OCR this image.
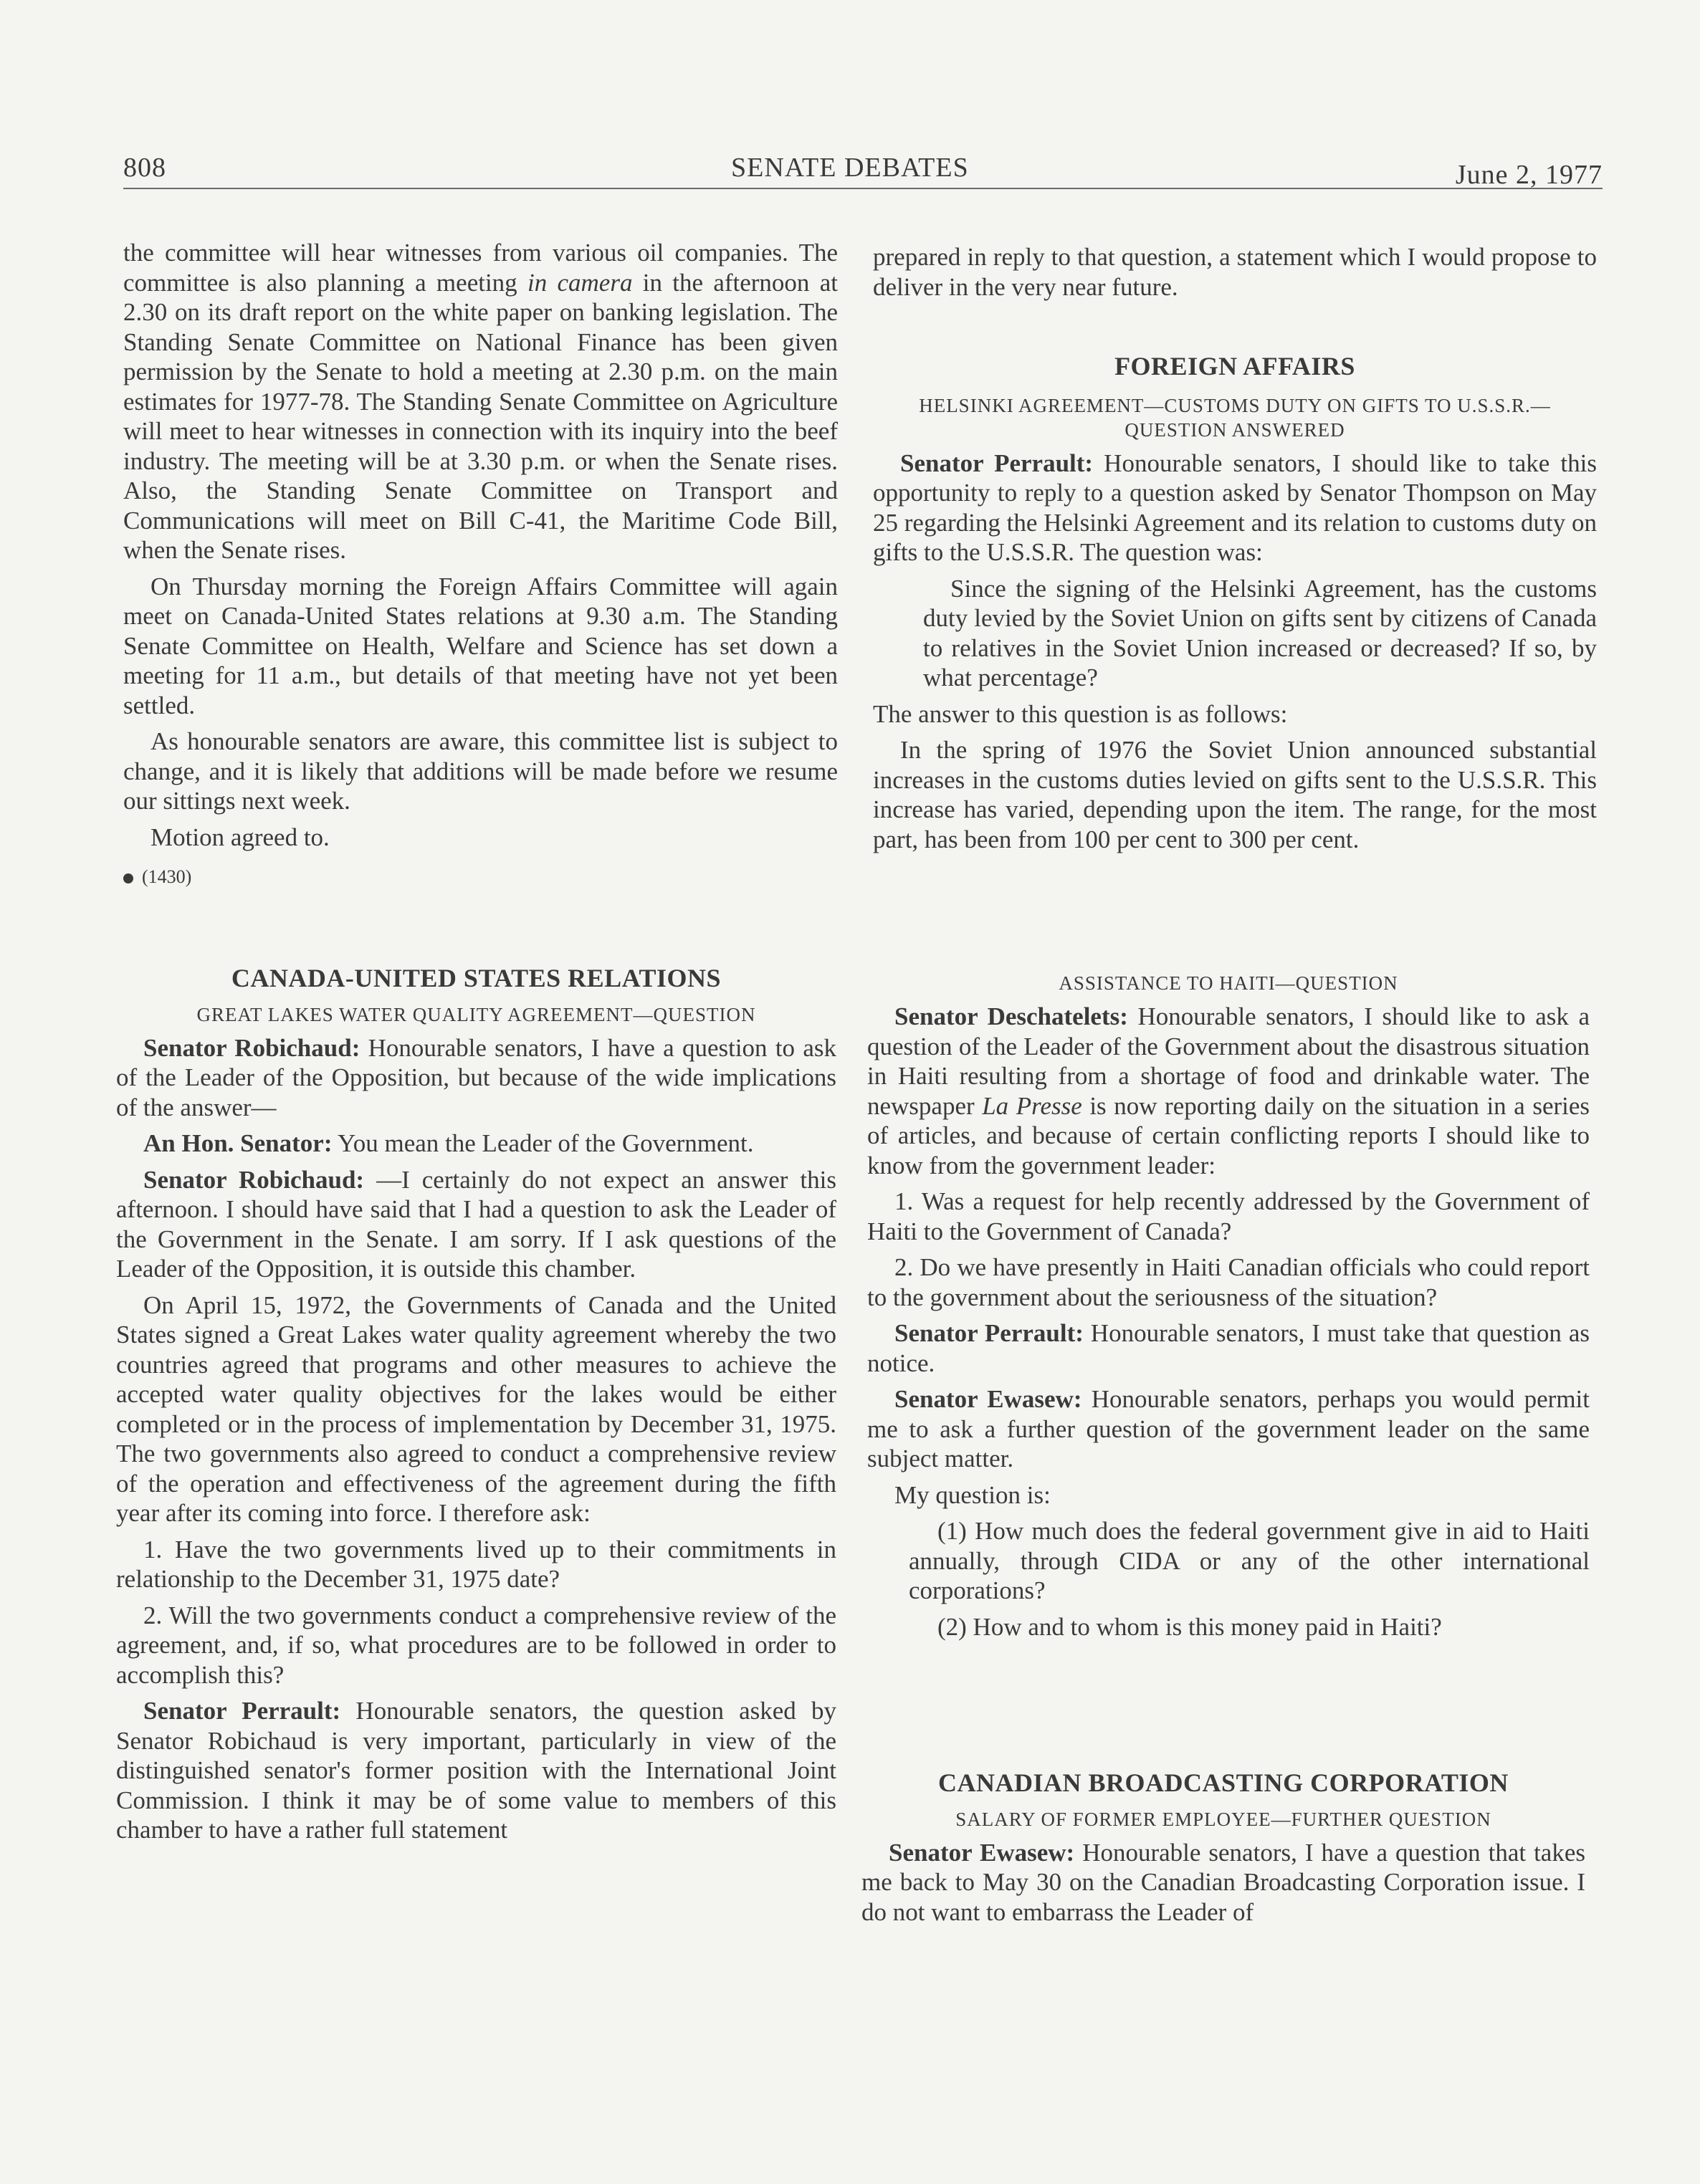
808	SENATE DEBATES	June 2, 1977

the committee will hear witnesses from various oil companies. The committee is also planning a meeting in camera in the afternoon at 2.30 on its draft report on the white paper on banking legislation. The Standing Senate Committee on National Finance has been given permission by the Senate to hold a meeting at 2.30 p.m. on the main estimates for 1977-78. The Standing Senate Committee on Agriculture will meet to hear witnesses in connection with its inquiry into the beef industry. The meeting will be at 3.30 p.m. or when the Senate rises. Also, the Standing Senate Committee on Transport and Communications will meet on Bill C-41, the Maritime Code Bill, when the Senate rises.

On Thursday morning the Foreign Affairs Committee will again meet on Canada-United States relations at 9.30 a.m. The Standing Senate Committee on Health, Welfare and Science has set down a meeting for 11 a.m., but details of that meeting have not yet been settled.

As honourable senators are aware, this committee list is subject to change, and it is likely that additions will be made before we resume our sittings next week.

Motion agreed to.

(1430)

prepared in reply to that question, a statement which I would propose to deliver in the very near future.

FOREIGN AFFAIRS

HELSINKI AGREEMENT—CUSTOMS DUTY ON GIFTS TO U.S.S.R.—

QUESTION ANSWERED

Senator Perrault: Honourable senators, I should like to take this opportunity to reply to a question asked by Senator Thompson on May 25 regarding the Helsinki Agreement and its relation to customs duty on gifts to the U.S.S.R. The question was:

Since the signing of the Helsinki Agreement, has the customs duty levied by the Soviet Union on gifts sent by citizens of Canada to relatives in the Soviet Union increased or decreased? If so, by what percentage?

The answer to this question is as follows:

In the spring of 1976 the Soviet Union announced substantial increases in the customs duties levied on gifts sent to the U.S.S.R. This increase has varied, depending upon the item. The range, for the most part, has been from 100 per cent to 300 per cent.

CANADA-UNITED STATES RELATIONS

GREAT LAKES WATER QUALITY AGREEMENT—QUESTION

Senator Robichaud: Honourable senators, I have a question to ask of the Leader of the Opposition, but because of the wide implications of the answer—

An Hon. Senator: You mean the Leader of the Government.

Senator Robichaud: —I certainly do not expect an answer this afternoon. I should have said that I had a question to ask the Leader of the Government in the Senate. I am sorry. If I ask questions of the Leader of the Opposition, it is outside this chamber.

On April 15, 1972, the Governments of Canada and the United States signed a Great Lakes water quality agreement whereby the two countries agreed that programs and other measures to achieve the accepted water quality objectives for the lakes would be either completed or in the process of implementation by December 31, 1975. The two governments also agreed to conduct a comprehensive review of the operation and effectiveness of the agreement during the fifth year after its coming into force. I therefore ask:

1. Have the two governments lived up to their commitments in relationship to the December 31, 1975 date?

2. Will the two governments conduct a comprehensive review of the agreement, and, if so, what procedures are to be followed in order to accomplish this?

Senator Perrault: Honourable senators, the question asked by Senator Robichaud is very important, particularly in view of the distinguished senator's former position with the International Joint Commission. I think it may be of some value to members of this chamber to have a rather full statement

ASSISTANCE TO HAITI—QUESTION

Senator Deschatelets: Honourable senators, I should like to ask a question of the Leader of the Government about the disastrous situation in Haiti resulting from a shortage of food and drinkable water. The newspaper La Presse is now reporting daily on the situation in a series of articles, and because of certain conflicting reports I should like to know from the government leader:

1. Was a request for help recently addressed by the Government of Haiti to the Government of Canada?

2. Do we have presently in Haiti Canadian officials who could report to the government about the seriousness of the situation?

Senator Perrault: Honourable senators, I must take that question as notice.

Senator Ewasew: Honourable senators, perhaps you would permit me to ask a further question of the government leader on the same subject matter.

My question is:

(1) How much does the federal government give in aid to Haiti annually, through CIDA or any of the other international corporations?

(2) How and to whom is this money paid in Haiti?

CANADIAN BROADCASTING CORPORATION

SALARY OF FORMER EMPLOYEE—FURTHER QUESTION

Senator Ewasew: Honourable senators, I have a question that takes me back to May 30 on the Canadian Broadcasting Corporation issue. I do not want to embarrass the Leader of
